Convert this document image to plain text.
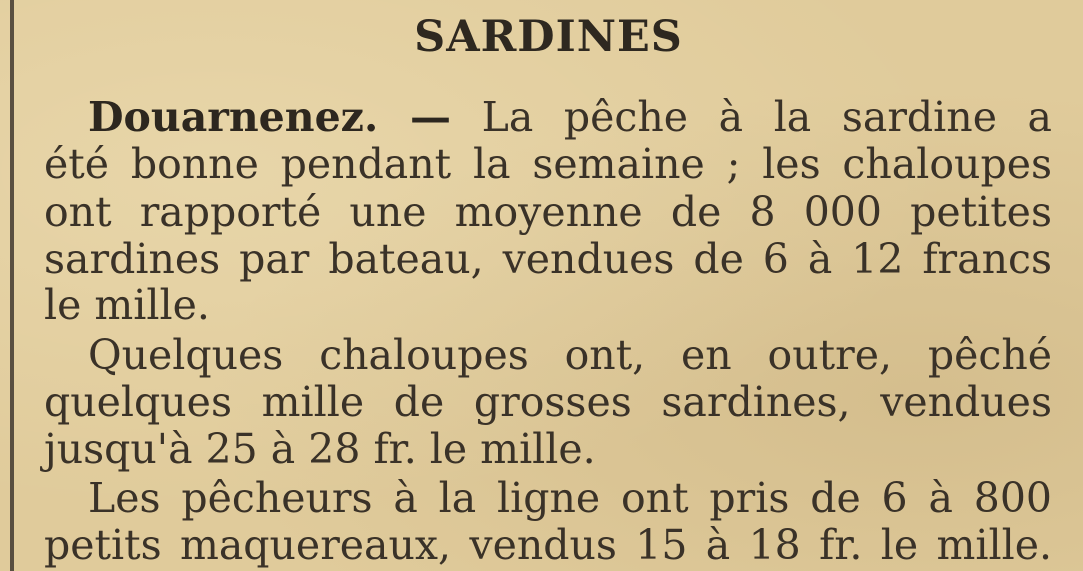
SARDINES
Douarnenez. — La pêche à la sardine a
été bonne pendant la semaine ; les chaloupes
ont rapporté une moyenne de 8 000 petites
sardines par bateau, vendues de 6 à 12 francs
le mille.
Quelques chaloupes ont, en outre, pêché
quelques mille de grosses sardines, vendues
jusqu'à 25 à 28 fr. le mille.
Les pêcheurs à la ligne ont pris de 6 à 800
petits maquereaux, vendus 15 à 18 fr. le mille.
